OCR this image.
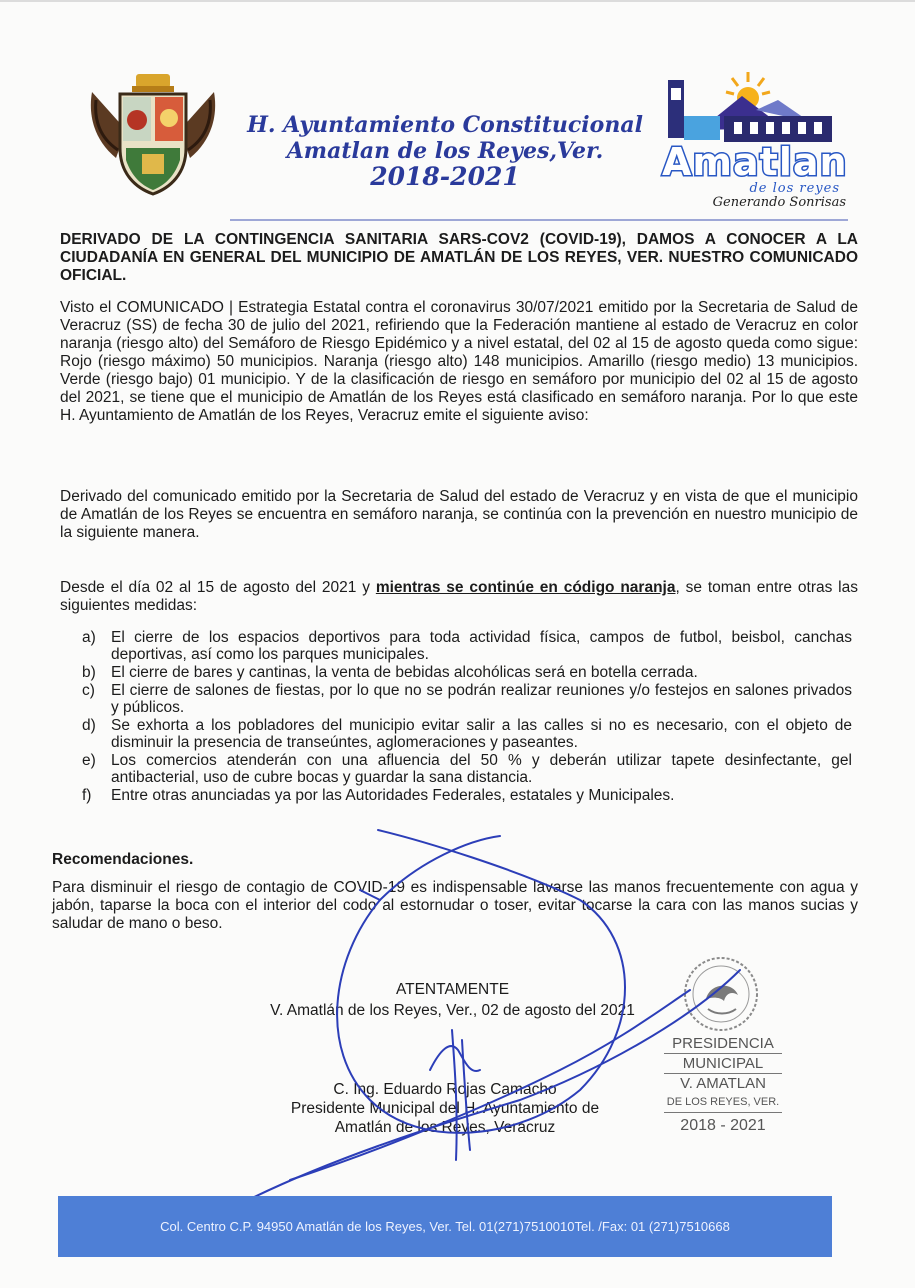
H. Ayuntamiento Constitucional
Amatlan de los Reyes,Ver.
2018-2021	Amatlan
de los reyes
Generando Sonrisas
DERIVADO DE LA CONTINGENCIA SANITARIA SARS-COV2 (COVID-19), DAMOS A CONOCER A LA CIUDADANÍA EN GENERAL DEL MUNICIPIO DE AMATLÁN DE LOS REYES, VER. NUESTRO COMUNICADO OFICIAL.
Visto el COMUNICADO | Estrategia Estatal contra el coronavirus 30/07/2021 emitido por la Secretaria de Salud de Veracruz (SS) de fecha 30 de julio del 2021, refiriendo que la Federación mantiene al estado de Veracruz en color naranja (riesgo alto) del Semáforo de Riesgo Epidémico y a nivel estatal, del 02 al 15 de agosto queda como sigue: Rojo (riesgo máximo) 50 municipios. Naranja (riesgo alto) 148 municipios. Amarillo (riesgo medio) 13 municipios. Verde (riesgo bajo) 01 municipio. Y de la clasificación de riesgo en semáforo por municipio del 02 al 15 de agosto del 2021, se tiene que el municipio de Amatlán de los Reyes está clasificado en semáforo naranja. Por lo que este H. Ayuntamiento de Amatlán de los Reyes, Veracruz emite el siguiente aviso:
Derivado del comunicado emitido por la Secretaria de Salud del estado de Veracruz y en vista de que el municipio de Amatlán de los Reyes se encuentra en semáforo naranja, se continúa con la prevención en nuestro municipio de la siguiente manera.
Desde el día 02 al 15 de agosto del 2021 y mientras se continúe en código naranja, se toman entre otras las siguientes medidas:
a) El cierre de los espacios deportivos para toda actividad física, campos de futbol, beisbol, canchas deportivas, así como los parques municipales.
b) El cierre de bares y cantinas, la venta de bebidas alcohólicas será en botella cerrada.
c) El cierre de salones de fiestas, por lo que no se podrán realizar reuniones y/o festejos en salones privados y públicos.
d) Se exhorta a los pobladores del municipio evitar salir a las calles si no es necesario, con el objeto de disminuir la presencia de transeúntes, aglomeraciones y paseantes.
e) Los comercios atenderán con una afluencia del 50 % y deberán utilizar tapete desinfectante, gel antibacterial, uso de cubre bocas y guardar la sana distancia.
f) Entre otras anunciadas ya por las Autoridades Federales, estatales y Municipales.
Recomendaciones.
Para disminuir el riesgo de contagio de COVID-19 es indispensable lavarse las manos frecuentemente con agua y jabón, taparse la boca con el interior del codo al estornudar o toser, evitar tocarse la cara con las manos sucias y saludar de mano o beso.
ATENTAMENTE
V. Amatlán de los Reyes, Ver., 02 de agosto del 2021
C. Ing. Eduardo Rojas Camacho
Presidente Municipal del H. Ayuntamiento de
Amatlán de los Reyes, Veracruz
PRESIDENCIA
MUNICIPAL
V. AMATLAN
DE LOS REYES, VER.
2018 - 2021
Col. Centro C.P. 94950 Amatlán de los Reyes, Ver. Tel. 01(271)7510010Tel. /Fax: 01 (271)7510668
